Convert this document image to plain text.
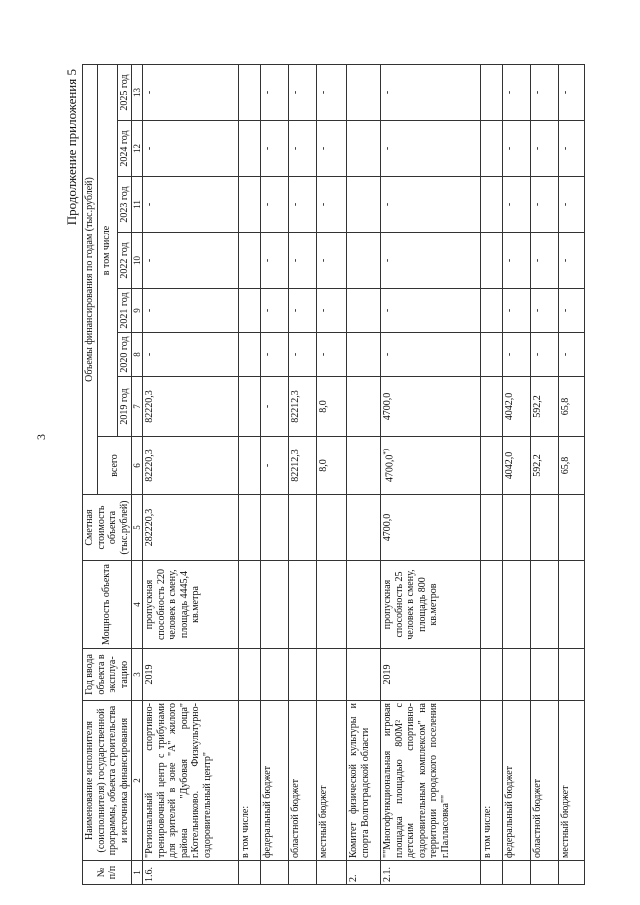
3
Продолжение приложения 5
№ п/п	Наименование исполнителя (соисполнителя) государственной программы, объекта строительства и источника финансирования	Год ввода объекта в эксплуа-тацию	Мощность объекта	Сметная стоимость объекта (тыс.рублей)	Объемы финансирования по годам (тыс.рублей)							
					всего	в том числе						
						2019 год	2020 год	2021 год	2022 год	2023 год	2024 год	2025 год
1	2	3	4	5	6	7	8	9	10	11	12	13
1.6.	"Региональный спортивно-тренировочный центр с трибунами для зрителей в зоне "А" жилого района "Дубовая роща" г.Котельниково. Физкультурно-оздоровительный центр"	2019	пропускная способность 220 человек в смену, площадь 4445,4 кв.метра	282220,3	82220,3	82220,3	-	-	-	-	-	-
	в том числе:											
	федеральный бюджет				-	-	-	-	-	-	-	-
	областной бюджет				82212,3	82212,3	-	-	-	-	-	-
	местный бюджет				8,0	8,0	-	-	-	-	-	-
2.	Комитет физической культуры и спорта Волгоградской области											
2.1.	""Многофункциональная игровая площадка площадью 800М² с детским спортивно-оздоровительным комплексом" на территории городского поселения г.Палласовка""	2019	пропускная способность 25 человек в смену, площадь 800 кв.метров	4700,0	4700,0*)	4700,0	-	-	-	-	-	-
	в том числе:											
	федеральный бюджет				4042,0	4042,0	-	-	-	-	-	-
	областной бюджет				592,2	592,2	-	-	-	-	-	-
	местный бюджет				65,8	65,8	-	-	-	-	-	-
